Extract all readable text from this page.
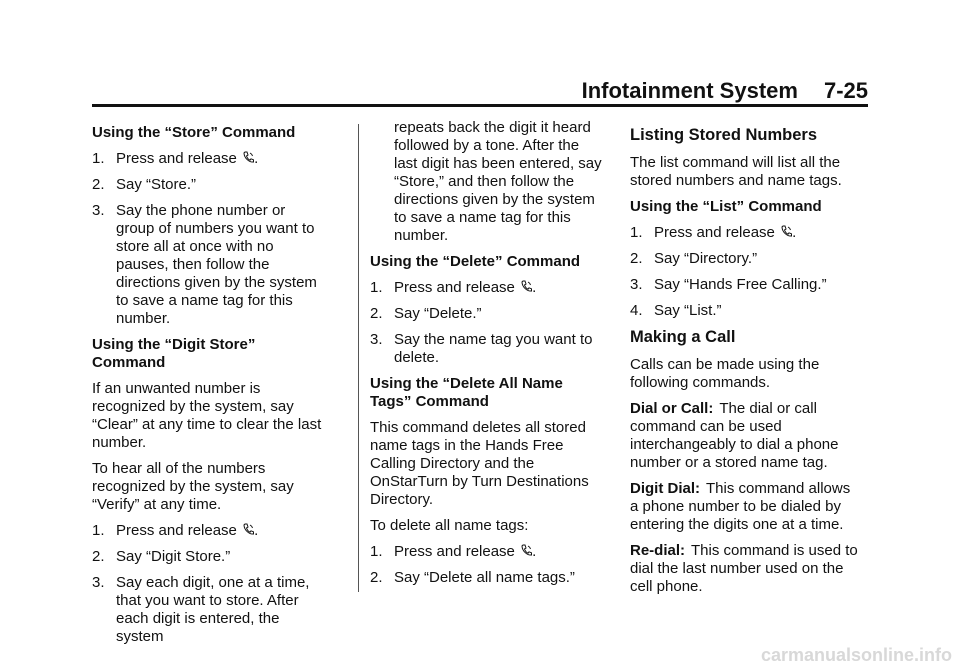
Infotainment System 7-25

Using the “Store” Command

1. Press and release .
2. Say “Store.”
3. Say the phone number or group of numbers you want to store all at once with no pauses, then follow the directions given by the system to save a name tag for this number.

Using the “Digit Store” Command

If an unwanted number is recognized by the system, say “Clear” at any time to clear the last number.

To hear all of the numbers recognized by the system, say “Verify” at any time.

1. Press and release .
2. Say “Digit Store.”
3. Say each digit, one at a time, that you want to store. After each digit is entered, the system

repeats back the digit it heard followed by a tone. After the last digit has been entered, say “Store,” and then follow the directions given by the system to save a name tag for this number.

Using the “Delete” Command

1. Press and release .
2. Say “Delete.”
3. Say the name tag you want to delete.

Using the “Delete All Name Tags” Command

This command deletes all stored name tags in the Hands Free Calling Directory and the OnStarTurn by Turn Destinations Directory.

To delete all name tags:

1. Press and release .
2. Say “Delete all name tags.”

Listing Stored Numbers

The list command will list all the stored numbers and name tags.

Using the “List” Command

1. Press and release .
2. Say “Directory.”
3. Say “Hands Free Calling.”
4. Say “List.”

Making a Call

Calls can be made using the following commands.

Dial or Call: The dial or call command can be used interchangeably to dial a phone number or a stored name tag.

Digit Dial: This command allows a phone number to be dialed by entering the digits one at a time.

Re-dial: This command is used to dial the last number used on the cell phone.

carmanualsonline.info
